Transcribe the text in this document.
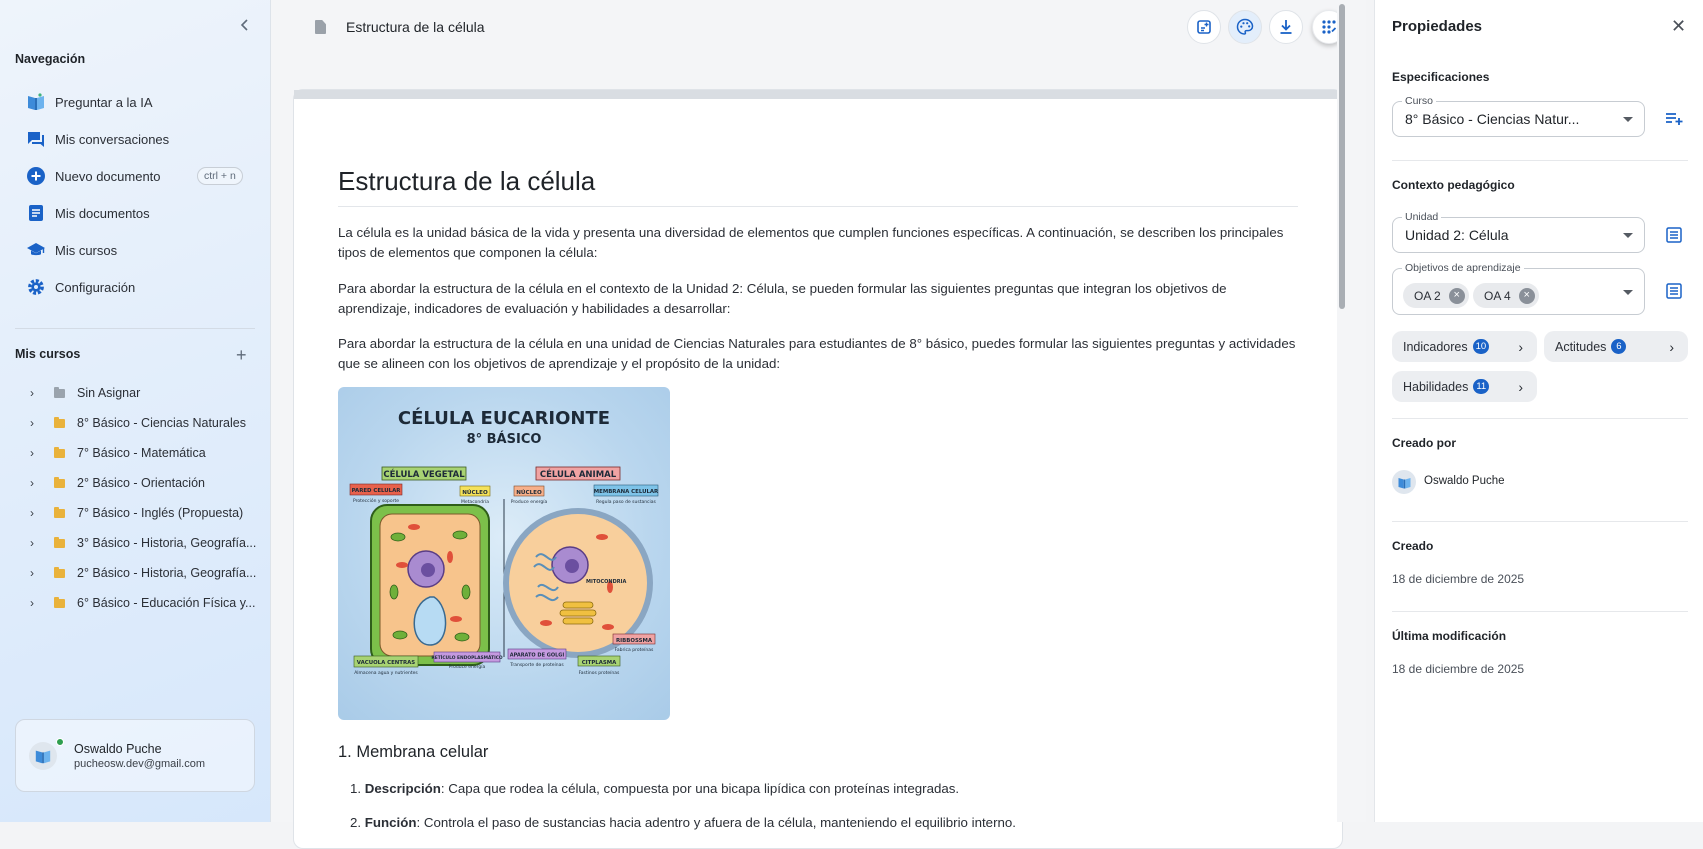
Navegación
Preguntar a la IA
Mis conversaciones
Nuevo documento	ctrl + n
Mis documentos
Mis cursos
Configuración
Mis cursos	+
›	Sin Asignar
›	8° Básico - Ciencias Naturales
›	7° Básico - Matemática
›	2° Básico - Orientación
›	7° Básico - Inglés (Propuesta)
›	3° Básico - Historia, Geografía...
›	2° Básico - Historia, Geografía...
›	6° Básico - Educación Física y...
Oswaldo Puche
pucheosw.dev@gmail.com
Estructura de la célula
Estructura de la célula
La célula es la unidad básica de la vida y presenta una diversidad de elementos que cumplen funciones específicas. A continuación, se describen los principales tipos de elementos que componen la célula:
Para abordar la estructura de la célula en el contexto de la Unidad 2: Célula, se pueden formular las siguientes preguntas que integran los objetivos de aprendizaje, indicadores de evaluación y habilidades a desarrollar:
Para abordar la estructura de la célula en una unidad de Ciencias Naturales para estudiantes de 8° básico, puedes formular las siguientes preguntas y actividades que se alineen con los objetivos de aprendizaje y el propósito de la unidad:
CÉLULA EUCARIONTE
8° BÁSICO
CÉLULA VEGETAL	CÉLULA ANIMAL
MITOCONDRIA
PARED CELULAR
Protección y soporte
NÚCLEO
Metacondría
NÚCLEO
Produce energía
MEMBRANA CELULAR
Regula paso de sustancias
VACUOLA CENTRAS
Almacena agua y nutrientes
RETÍCULO ENDOPLASMÁTICO
Produce energía
APARATO DE GOLGI
Transporte de proteínas	CITPLASMA
Fastinos proteínas
RIBBOSSMA
Fabrica proteínas
1. Membrana celular
1. Descripción: Capa que rodea la célula, compuesta por una bicapa lipídica con proteínas integradas.
2. Función: Controla el paso de sustancias hacia adentro y afuera de la célula, manteniendo el equilibrio interno.
Propiedades	✕
Especificaciones
Curso
8° Básico - Ciencias Natur...
Contexto pedagógico
Unidad
Unidad 2: Célula
Objetivos de aprendizaje
OA 2	×	OA 4	×
Indicadores 10 ›	Actitudes	6	›
Habilidades 11 ›
Creado por
Oswaldo Puche
Creado
18 de diciembre de 2025
Última modificación
18 de diciembre de 2025
